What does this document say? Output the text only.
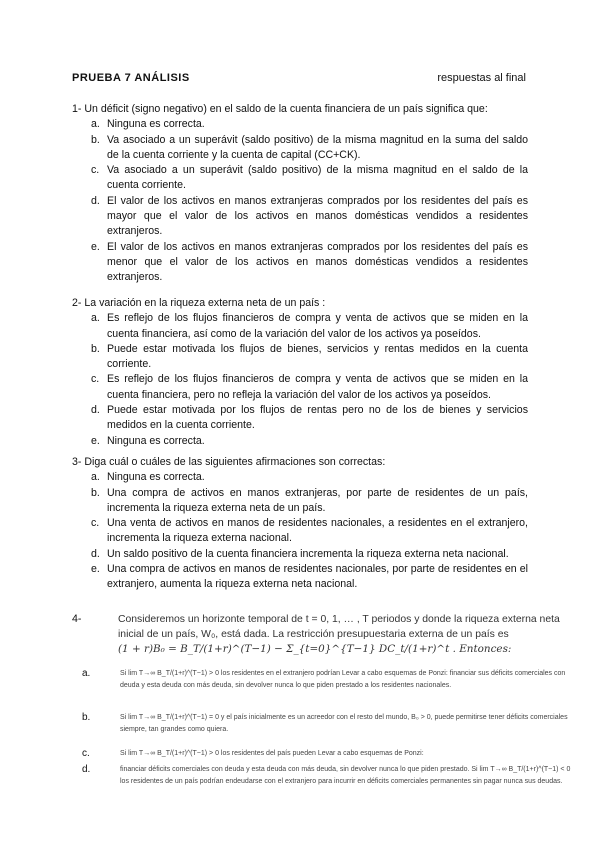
PRUEBA 7 ANÁLISIS	respuestas al final

1- Un déficit (signo negativo) en el saldo de la cuenta financiera de un país significa que:

a. Ninguna es correcta.
b. Va asociado a un superávit (saldo positivo) de la misma magnitud en la suma del saldo de la cuenta corriente y la cuenta de capital (CC+CK).
c. Va asociado a un superávit (saldo positivo) de la misma magnitud en el saldo de la cuenta corriente.
d. El valor de los activos en manos extranjeras comprados por los residentes del país es mayor que el valor de los activos en manos domésticas vendidos a residentes extranjeros.
e. El valor de los activos en manos extranjeras comprados por los residentes del país es menor que el valor de los activos en manos domésticas vendidos a residentes extranjeros.

2- La variación en la riqueza externa neta de un país :

a. Es reflejo de los flujos financieros de compra y venta de activos que se miden en la cuenta financiera, así como de la variación del valor de los activos ya poseídos.
b. Puede estar motivada los flujos de bienes, servicios y rentas medidos en la cuenta corriente.
c. Es reflejo de los flujos financieros de compra y venta de activos que se miden en la cuenta financiera, pero no refleja la variación del valor de los activos ya poseídos.
d. Puede estar motivada por los flujos de rentas pero no de los de bienes y servicios medidos en la cuenta corriente.
e. Ninguna es correcta.

3- Diga cuál o cuáles de las siguientes afirmaciones son correctas:

a. Ninguna es correcta.
b. Una compra de activos en manos extranjeras, por parte de residentes de un país, incrementa la riqueza externa neta de un país.
c. Una venta de activos en manos de residentes nacionales, a residentes en el extranjero, incrementa la riqueza externa nacional.
d. Un saldo positivo de la cuenta financiera incrementa la riqueza externa neta nacional.
e. Una compra de activos en manos de residentes nacionales, por parte de residentes en el extranjero, aumenta la riqueza externa neta nacional.
4-	Consideremos un horizonte temporal de t = 0, 1, … , T periodos y donde la riqueza externa neta
inicial de un país, W₀, está dada. La restricción presupuestaria externa de un país es
(1 + r)B₀ = B_T/(1+r)^(T−1) − Σ_{t=0}^{T−1} DC_t/(1+r)^t . Entonces:
a.	Si lim T→∞ B_T/(1+r)^(T−1) > 0 los residentes en el extranjero podrían Levar a cabo esquemas de Ponzi: financiar sus déficits comerciales con deuda y esta deuda con más deuda, sin devolver nunca lo que piden prestado a los residentes nacionales.
b.	Si lim T→∞ B_T/(1+r)^(T−1) = 0 y el país inicialmente es un acreedor con el resto del mundo, B₀ > 0, puede permitirse tener déficits comerciales siempre, tan grandes como quiera.
c.	Si lim T→∞ B_T/(1+r)^(T−1) > 0 los residentes del país pueden Levar a cabo esquemas de Ponzi:
d.	financiar déficits comerciales con deuda y esta deuda con más deuda, sin devolver nunca lo que piden prestado. Si lim T→∞ B_T/(1+r)^(T−1) < 0 los residentes de un país podrían endeudarse con el extranjero para incurrir en déficits comerciales permanentes sin pagar nunca sus deudas.
